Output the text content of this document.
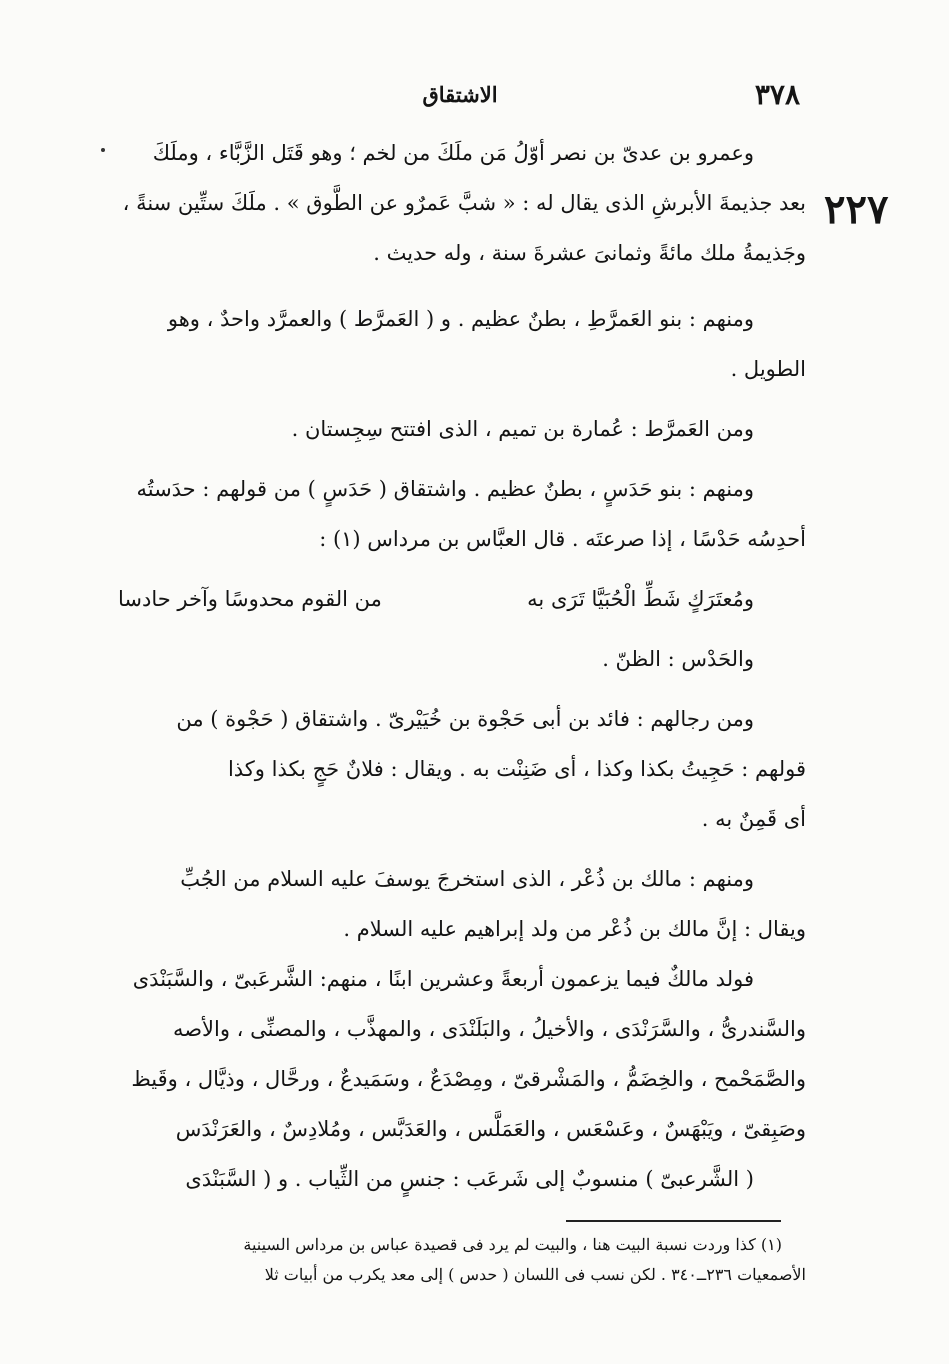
٣٧٨
الاشتقاق
٢٢٧
وعمرو بن عدىّ بن نصر أوّلُ مَن ملَكَ من لخم ؛ وهو قَتَل الزَّبَّاء ، وملَكَ
بعد جذيمةَ الأبرشِ الذى يقال له : « شبَّ عَمرٌو عن الطَّوق » . ملَكَ ستِّين سنةً ،
وجَذيمةُ ملك مائةً وثمانىَ عشرةَ سنة ، وله حديث .
ومنهم : بنو العَمرَّطِ ، بطنٌ عظيم . و ( العَمرَّط ) والعمرَّد واحدٌ ، وهو
الطويل .
ومن العَمرَّط : عُمارة بن تميم ، الذى افتتح سِجِستان .
ومنهم : بنو حَدَسٍ ، بطنٌ عظيم . واشتقاق ( حَدَسٍ ) من قولهم : حدَستُه
أحدِسُه حَدْسًا ، إذا صرعتَه . قال العبَّاس بن مرداس (١) :
ومُعتَرَكٍ شَطِّ الْحُبَيَّا تَرَى به
من القوم محدوسًا وآخر حادسا
والحَدْس : الظنّ .
ومن رجالهم : فائد بن أبى حَجْوة بن خُيَيْرىّ . واشتقاق ( حَجْوة ) من
قولهم : حَجِيتُ بكذا وكذا ، أى ضَنِنْت به . ويقال : فلانٌ حَجٍ بكذا وكذا
أى قَمِنٌ به .
ومنهم : مالك بن ذُعْر ، الذى استخرجَ يوسفَ عليه السلام من الجُبِّ
ويقال : إنَّ مالك بن ذُعْر من ولد إبراهيم عليه السلام .
فولد مالكٌ فيما يزعمون أربعةً وعشرين ابنًا ، منهم: الشَّرعَبىّ ، والسَّبَنْدَى
والسَّندرىُّ ، والسَّرَنْدَى ، والأخيلُ ، والبَلَنْدَى ، والمهذَّب ، والمصنِّى ، والأصه
والصَّمَحْمح ، والخِضَمُّ ، والمَشْرقىّ ، ومِصْدَعٌ ، وسَمَيدعٌ ، ورحَّال ، وذيَّال ، وقَيظ
وصَبِقىّ ، ويَبْهَسٌ ، وعَسْعَس ، والعَمَلَّس ، والعَدَبَّس ، ومُلادِسٌ ، والعَرَنْدَس
( الشَّرعبىّ ) منسوبٌ إلى شَرعَب : جنسٍ من الثِّياب . و ( السَّبَنْدَى
(١) كذا وردت نسبة البيت هنا ، والبيت لم يرد فى قصيدة عباس بن مرداس السينية
الأصمعيات ٢٣٦ــ٣٤٠ . لكن نسب فى اللسان ( حدس ) إلى معد يكرب من أبيات ثلا
